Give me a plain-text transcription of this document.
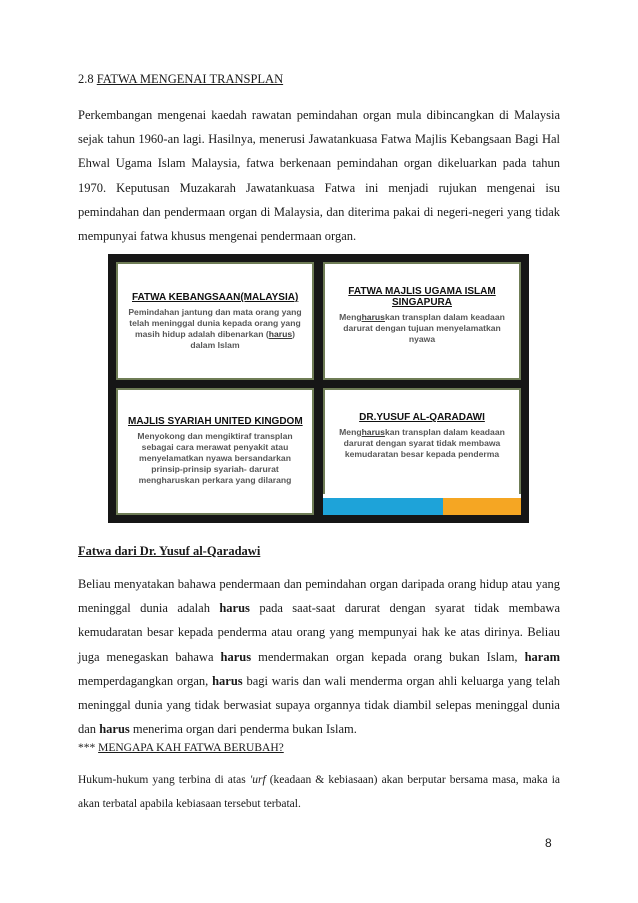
2.8 FATWA MENGENAI TRANSPLAN
Perkembangan mengenai kaedah rawatan pemindahan organ mula dibincangkan di Malaysia sejak tahun 1960-an lagi. Hasilnya, menerusi Jawatankuasa Fatwa Majlis Kebangsaan Bagi Hal Ehwal Ugama Islam Malaysia, fatwa berkenaan pemindahan organ dikeluarkan pada tahun 1970. Keputusan Muzakarah Jawatankuasa Fatwa ini menjadi rujukan mengenai isu pemindahan dan pendermaan organ di Malaysia, dan diterima pakai di negeri-negeri yang tidak mempunyai fatwa khusus mengenai pendermaan organ.
FATWA KEBANGSAAN(MALAYSIA)
Pemindahan jantung dan mata orang yang telah meninggal dunia kepada orang yang masih hidup adalah dibenarkan (harus) dalam Islam
FATWA MAJLIS UGAMA ISLAM SINGAPURA
Mengharuskan transplan dalam keadaan darurat dengan tujuan menyelamatkan nyawa
MAJLIS SYARIAH UNITED KINGDOM
Menyokong dan mengiktiraf transplan sebagai cara merawat penyakit atau menyelamatkan nyawa bersandarkan prinsip-prinsip syariah- darurat mengharuskan perkara yang dilarang
DR.YUSUF AL-QARADAWI
Mengharuskan transplan dalam keadaan darurat dengan syarat tidak membawa kemudaratan besar kepada penderma
Fatwa dari Dr. Yusuf al-Qaradawi
Beliau menyatakan bahawa pendermaan dan pemindahan organ daripada orang hidup atau yang meninggal dunia adalah harus pada saat-saat darurat dengan syarat tidak membawa kemudaratan besar kepada penderma atau orang yang mempunyai hak ke atas dirinya. Beliau juga menegaskan bahawa harus mendermakan organ kepada orang bukan Islam, haram memperdagangkan organ, harus bagi waris dan wali menderma organ ahli keluarga yang telah meninggal dunia yang tidak berwasiat supaya organnya tidak diambil selepas meninggal dunia dan harus menerima organ dari penderma bukan Islam.
*** MENGAPA KAH FATWA BERUBAH?
Hukum-hukum yang terbina di atas 'urf (keadaan & kebiasaan) akan berputar bersama masa, maka ia akan terbatal apabila kebiasaan tersebut terbatal.
8
